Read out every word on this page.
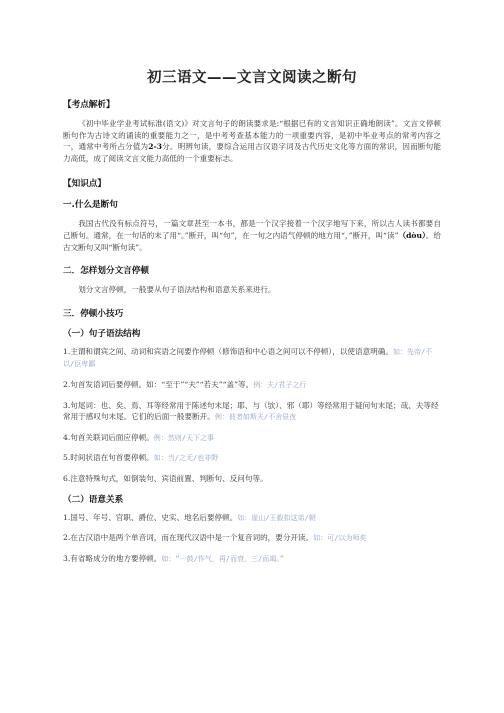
初三语文——文言文阅读之断句
【考点解析】
《初中毕业学业考试标准(语文)》对文言句子的朗读要求是:“根据已有的文言知识正确地朗读”。文言文停顿断句作为古诗文的诵读的重要能力之一，是中考考查基本能力的一项重要内容，是初中毕业考点的常考内容之一，通常中考所占分值为2-3分。明辨句读，要综合运用古汉语字词及古代历史文化等方面的常识，因而断句能力高低，成了阅读文言文能力高低的一个重要标志。
【知识点】
一.什么是断句
我国古代没有标点符号，一篇文章甚至一本书，都是一个汉字接着一个汉字地写下来，所以古人读书都要自己断句。通常，在一句话的末了用“。”断开，叫“句”，在一句之内语气停顿的地方用“，”断开，叫“读”（dòu）。给古文断句又叫“断句读”。
二．怎样划分文言停顿
划分文言停顿，一般要从句子语法结构和语意关系来进行。
三．停顿小技巧
（一）句子语法结构
1.主谓和谓宾之间、动词和宾语之间要作停顿（修饰语和中心语之间可以不停顿），以使语意明确。如：先帝/不以/臣卑鄙
2.句首发语词后要停顿。如：“至于”“夫”“若夫”“盖”等。例：夫/君子之行
3.句尾词：也、矣、焉、耳等经常用于陈述句末尾；耶、与（欤）、邪（耶）等经常用于疑问句末尾；哉、夫等经常用于感叹句末尾。它们的后面一般要断开。例：彼者如斯夫/不舍昼夜
4.句首关联词后面应停顿。例：然则/天下之事
5.时间状语在句首要停顿。如：当/之无/也非野
6.注意特殊句式，如倒装句、宾语前置、判断句、反问句等。
（二）语意关系
1.国号、年号、官职、爵位、史实、地名后要停顿。如：崖山/王毅扣这弟/朝
2.在古汉语中是两个单音词，而在现代汉语中是一个复音词的，要分开读。如：可/以为师矣
3.有省略成分的地方要停顿。如：“一鼓/作气，再/而衰，三/而竭。”
